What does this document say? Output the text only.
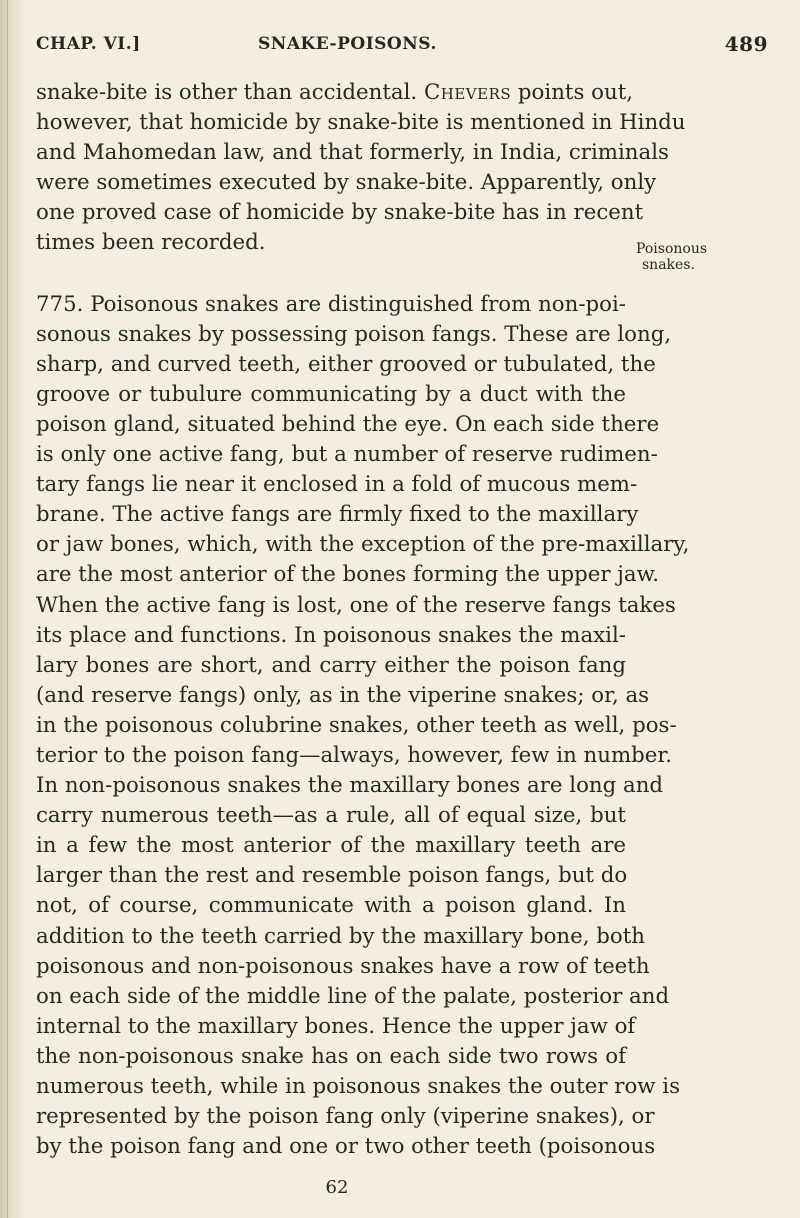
CHAP. VI.]	SNAKE-POISONS.	489
snake-bite is other than accidental. Chevers points out,
however, that homicide by snake-bite is mentioned in Hindu
and Mahomedan law, and that formerly, in India, criminals
were sometimes executed by snake-bite. Apparently, only
one proved case of homicide by snake-bite has in recent
times been recorded.
775. Poisonous snakes are distinguished from non-poi-
sonous snakes by possessing poison fangs. These are long,
sharp, and curved teeth, either grooved or tubulated, the
groove or tubulure communicating by a duct with the
poison gland, situated behind the eye. On each side there
is only one active fang, but a number of reserve rudimen-
tary fangs lie near it enclosed in a fold of mucous mem-
brane. The active fangs are firmly fixed to the maxillary
or jaw bones, which, with the exception of the pre-maxillary,
are the most anterior of the bones forming the upper jaw.
When the active fang is lost, one of the reserve fangs takes
its place and functions. In poisonous snakes the maxil-
lary bones are short, and carry either the poison fang
(and reserve fangs) only, as in the viperine snakes; or, as
in the poisonous colubrine snakes, other teeth as well, pos-
terior to the poison fang—always, however, few in number.
In non-poisonous snakes the maxillary bones are long and
carry numerous teeth—as a rule, all of equal size, but
in a few the most anterior of the maxillary teeth are
larger than the rest and resemble poison fangs, but do
not, of course, communicate with a poison gland. In
addition to the teeth carried by the maxillary bone, both
poisonous and non-poisonous snakes have a row of teeth
on each side of the middle line of the palate, posterior and
internal to the maxillary bones. Hence the upper jaw of
the non-poisonous snake has on each side two rows of
numerous teeth, while in poisonous snakes the outer row is
represented by the poison fang only (viperine snakes), or
by the poison fang and one or two other teeth (poisonous
Poisonous
snakes.
62
